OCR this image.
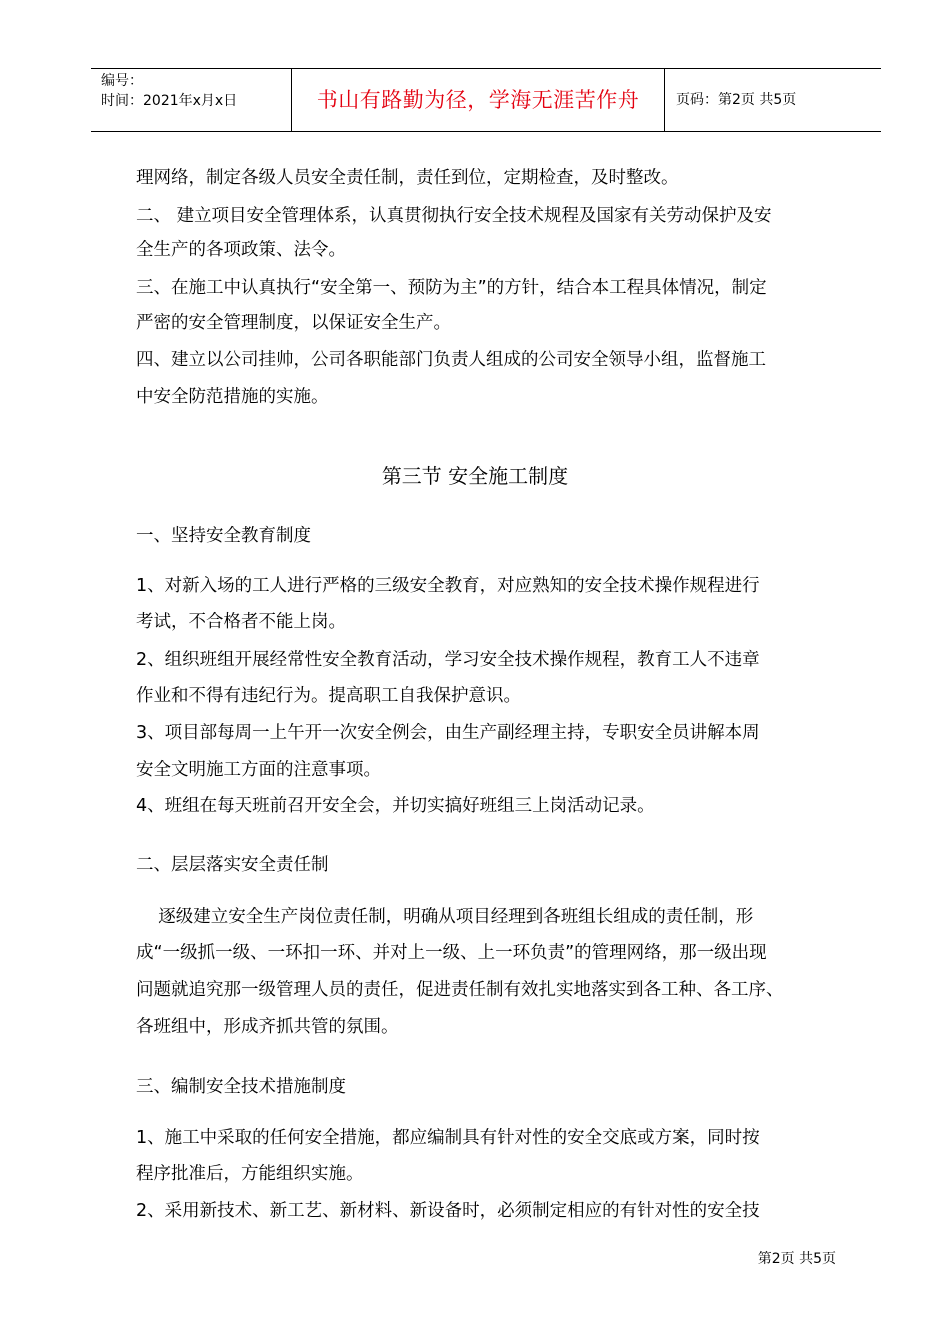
编号：
时间：2021年x月x日	书山有路勤为径，学海无涯苦作舟	页码：第2页 共5页
理网络，制定各级人员安全责任制，责任到位，定期检查，及时整改。
二、 建立项目安全管理体系，认真贯彻执行安全技术规程及国家有关劳动保护及安
全生产的各项政策、法令。
三、在施工中认真执行“安全第一、预防为主”的方针，结合本工程具体情况，制定
严密的安全管理制度，以保证安全生产。
四、建立以公司挂帅，公司各职能部门负责人组成的公司安全领导小组，监督施工
中安全防范措施的实施。
第三节 安全施工制度
一、坚持安全教育制度
1、对新入场的工人进行严格的三级安全教育，对应熟知的安全技术操作规程进行
考试，不合格者不能上岗。
2、组织班组开展经常性安全教育活动，学习安全技术操作规程，教育工人不违章
作业和不得有违纪行为。提高职工自我保护意识。
3、项目部每周一上午开一次安全例会，由生产副经理主持，专职安全员讲解本周
安全文明施工方面的注意事项。
4、班组在每天班前召开安全会，并切实搞好班组三上岗活动记录。
二、层层落实安全责任制
逐级建立安全生产岗位责任制，明确从项目经理到各班组长组成的责任制，形
成“一级抓一级、一环扣一环、并对上一级、上一环负责”的管理网络，那一级出现
问题就追究那一级管理人员的责任，促进责任制有效扎实地落实到各工种、各工序、
各班组中，形成齐抓共管的氛围。
三、编制安全技术措施制度
1、施工中采取的任何安全措施，都应编制具有针对性的安全交底或方案，同时按
程序批准后，方能组织实施。
2、采用新技术、新工艺、新材料、新设备时，必须制定相应的有针对性的安全技
第2页 共5页
